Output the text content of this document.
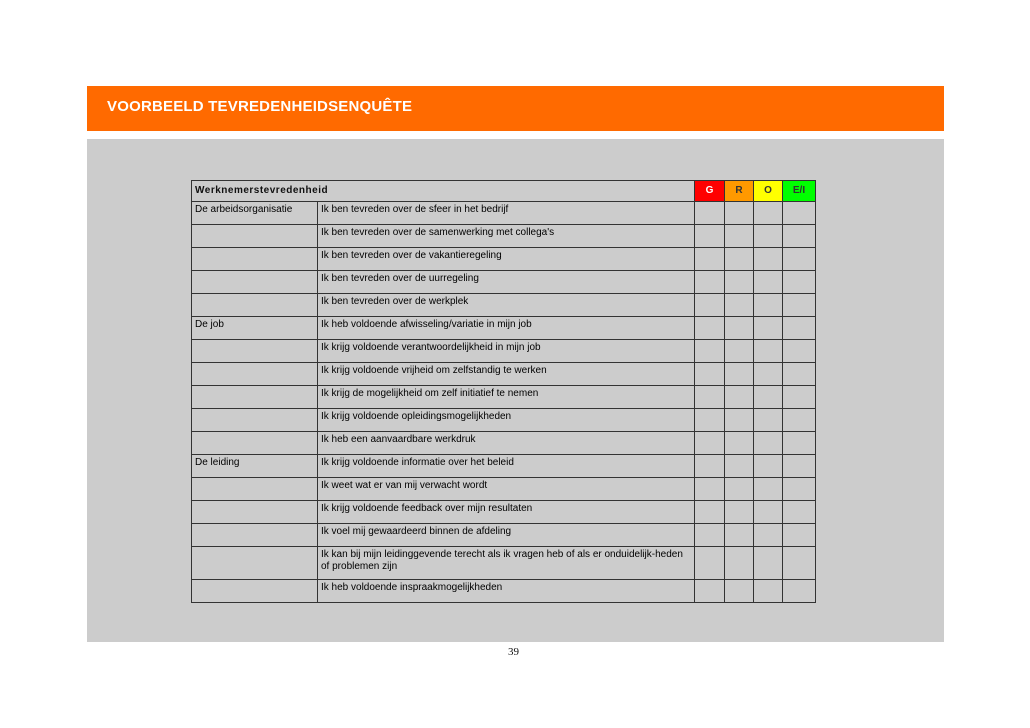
VOORBEELD TEVREDENHEIDSENQUÊTE
Werknemerstevredenheid		G	R	O	E/I
De arbeidsorganisatie	Ik ben tevreden over de sfeer in het bedrijf				
	Ik ben tevreden over de samenwerking met collega's				
	Ik ben tevreden over de vakantieregeling				
	Ik ben tevreden over de uurregeling				
	Ik ben tevreden over de werkplek				
De job	Ik heb voldoende afwisseling/variatie in mijn job				
	Ik krijg voldoende verantwoordelijkheid in mijn job				
	Ik krijg voldoende vrijheid om zelfstandig te werken				
	Ik krijg de mogelijkheid om zelf initiatief te nemen				
	Ik krijg voldoende opleidingsmogelijkheden				
	Ik heb een aanvaardbare werkdruk				
De leiding	Ik krijg voldoende informatie over het beleid				
	Ik weet wat er van mij verwacht wordt				
	Ik krijg voldoende feedback over mijn resultaten				
	Ik voel mij gewaardeerd binnen de afdeling				
	Ik kan bij mijn leidinggevende terecht als ik vragen heb of als er onduidelijk-heden of problemen zijn				
	Ik heb voldoende inspraakmogelijkheden				
39
